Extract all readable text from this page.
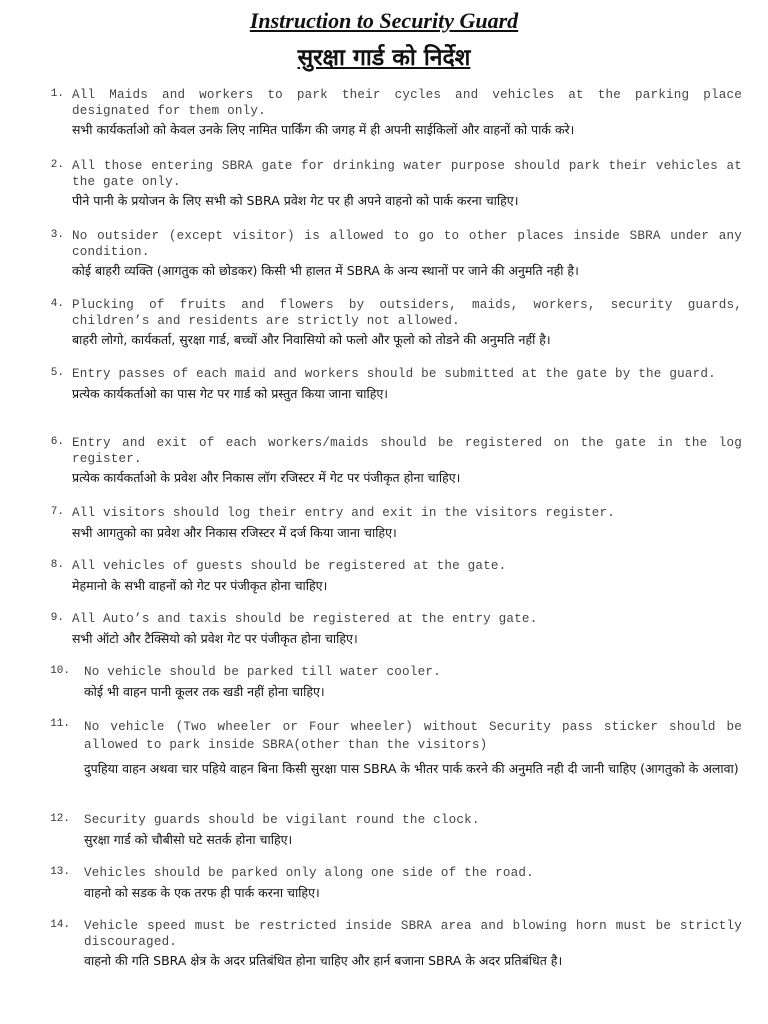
Instruction to Security Guard
सुरक्षा गार्ड को निर्देश
1. All Maids and workers to park their cycles and vehicles at the parking place designated for them only.
सभी कार्यकर्ताओ को केवल उनके लिए नामित पार्किंग की जगह में ही अपनी साईकिलों और वाहनों को पार्क करे।
2. All those entering SBRA gate for drinking water purpose should park their vehicles at the gate only.
पीने पानी के प्रयोजन के लिए सभी को SBRA प्रवेश गेट पर ही अपने वाहनो को पार्क करना चाहिए।
3. No outsider (except visitor) is allowed to go to other places inside SBRA under any condition.
कोई बाहरी व्यक्ति (आगतुक को छोडकर) किसी भी हालत में SBRA के अन्य स्थानों पर जाने की अनुमति नही है।
4. Plucking of fruits and flowers by outsiders, maids, workers, security guards, children’s and residents are strictly not allowed.
बाहरी लोगो, कार्यकर्ता, सुरक्षा गार्ड, बच्चों और निवासियो को फलो और फूलो को तोडने की अनुमति नहीं है।
5. Entry passes of each maid and workers should be submitted at the gate by the guard.
प्रत्येक कार्यकर्ताओ का पास गेट पर गार्ड को प्रस्तुत किया जाना चाहिए।
6. Entry and exit of each workers/maids should be registered on the gate in the log register.
प्रत्येक कार्यकर्ताओ के प्रवेश और निकास लॉग रजिस्टर में गेट पर पंजीकृत होना चाहिए।
7. All visitors should log their entry and exit in the visitors register.
सभी आगतुको का प्रवेश और निकास रजिस्टर में दर्ज किया जाना चाहिए।
8. All vehicles of guests should be registered at the gate.
मेहमानो के सभी वाहनों को गेट पर पंजीकृत होना चाहिए।
9. All Auto’s and taxis should be registered at the entry gate.
सभी ऑटो और टैक्सियो को प्रवेश गेट पर पंजीकृत होना चाहिए।
10. No vehicle should be parked till water cooler.
कोई भी वाहन पानी कूलर तक खडी नहीं होना चाहिए।
11. No vehicle (Two wheeler or Four wheeler) without Security pass sticker should be allowed to park inside SBRA(other than the visitors)
दुपहिया वाहन अथवा चार पहिये वाहन बिना किसी सुरक्षा पास SBRA के भीतर पार्क करने की अनुमति नही दी जानी चाहिए (आगतुको के अलावा)
12. Security guards should be vigilant round the clock.
सुरक्षा गार्ड को चौबीसो घटे सतर्क होना चाहिए।
13. Vehicles should be parked only along one side of the road.
वाहनो को सडक के एक तरफ ही पार्क करना चाहिए।
14. Vehicle speed must be restricted inside SBRA area and blowing horn must be strictly discouraged.
वाहनो की गति SBRA क्षेत्र के अदर प्रतिबंधित होना चाहिए और हार्न बजाना SBRA के अदर प्रतिबंधित है।
